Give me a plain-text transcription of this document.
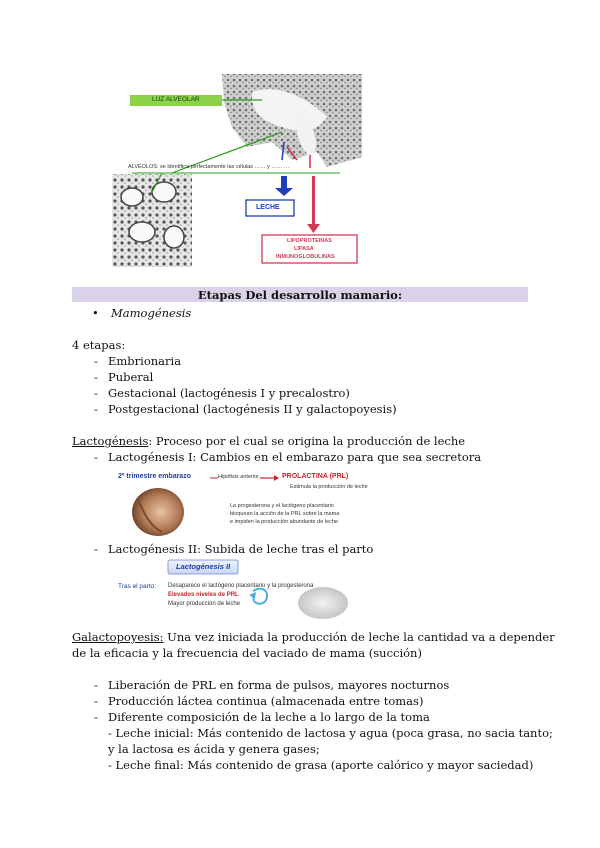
LUZ ALVEOLAR
ALVÉOLOS: se identifica perfectamente las células …… y …… …
LECHE
LIPOPROTEINAS
LIPASA
INMUNOGLOBULINAS
Etapas Del desarrollo mamario:
• Mamogénesis
4 etapas:
- Embrionaria
- Puberal
- Gestacional (lactogénesis I y precalostro)
- Postgestacional (lactogénesis II y galactopoyesis)
Lactogénesis: Proceso por el cual se origina la producción de leche
- Lactogénesis I: Cambios en el embarazo para que sea secretora
2º trimestre embarazo	Hipófisis anterior	PROLACTINA (PRL)
Estimula la producción de leche
La progesterona y el lactógeno placentario
bloquean la acción de la PRL sobre la mama
e impiden la producción abundante de leche
- Lactogénesis II: Subida de leche tras el parto
Lactogénesis II
Tras el parto: Desaparece el lactógeno placentario y la progesterona
Elevados niveles de PRL
Mayor producción de leche
Galactopoyesis: Una vez iniciada la producción de leche la cantidad va a depender
de la eficacia y la frecuencia del vaciado de mama (succión)
- Liberación de PRL en forma de pulsos, mayores nocturnos
- Producción láctea continua (almacenada entre tomas)
- Diferente composición de la leche a lo largo de la toma
- Leche inicial: Más contenido de lactosa y agua (poca grasa, no sacia tanto;
y la lactosa es ácida y genera gases;
- Leche final: Más contenido de grasa (aporte calórico y mayor saciedad)
